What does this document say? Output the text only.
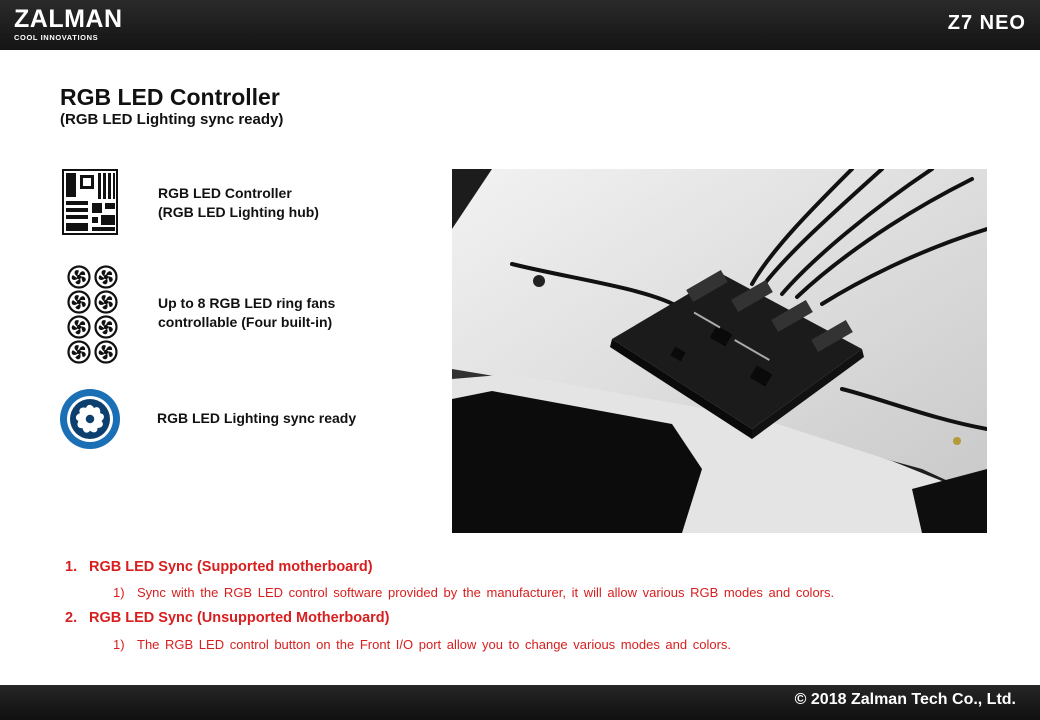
ZALMAN
COOL INNOVATIONS
Z7 NEO
RGB LED Controller
(RGB LED Lighting sync ready)
RGB LED Controller
(RGB LED Lighting hub)
Up to 8 RGB LED ring fans
controllable (Four built-in)
RGB LED Lighting sync ready
1. RGB LED Sync (Supported motherboard)
1) Sync with the RGB LED control software provided by the manufacturer, it will allow various RGB modes and colors.
2. RGB LED Sync (Unsupported Motherboard)
1) The RGB LED control button on the Front I/O port allow you to change various modes and colors.
© 2018 Zalman Tech Co., Ltd.
